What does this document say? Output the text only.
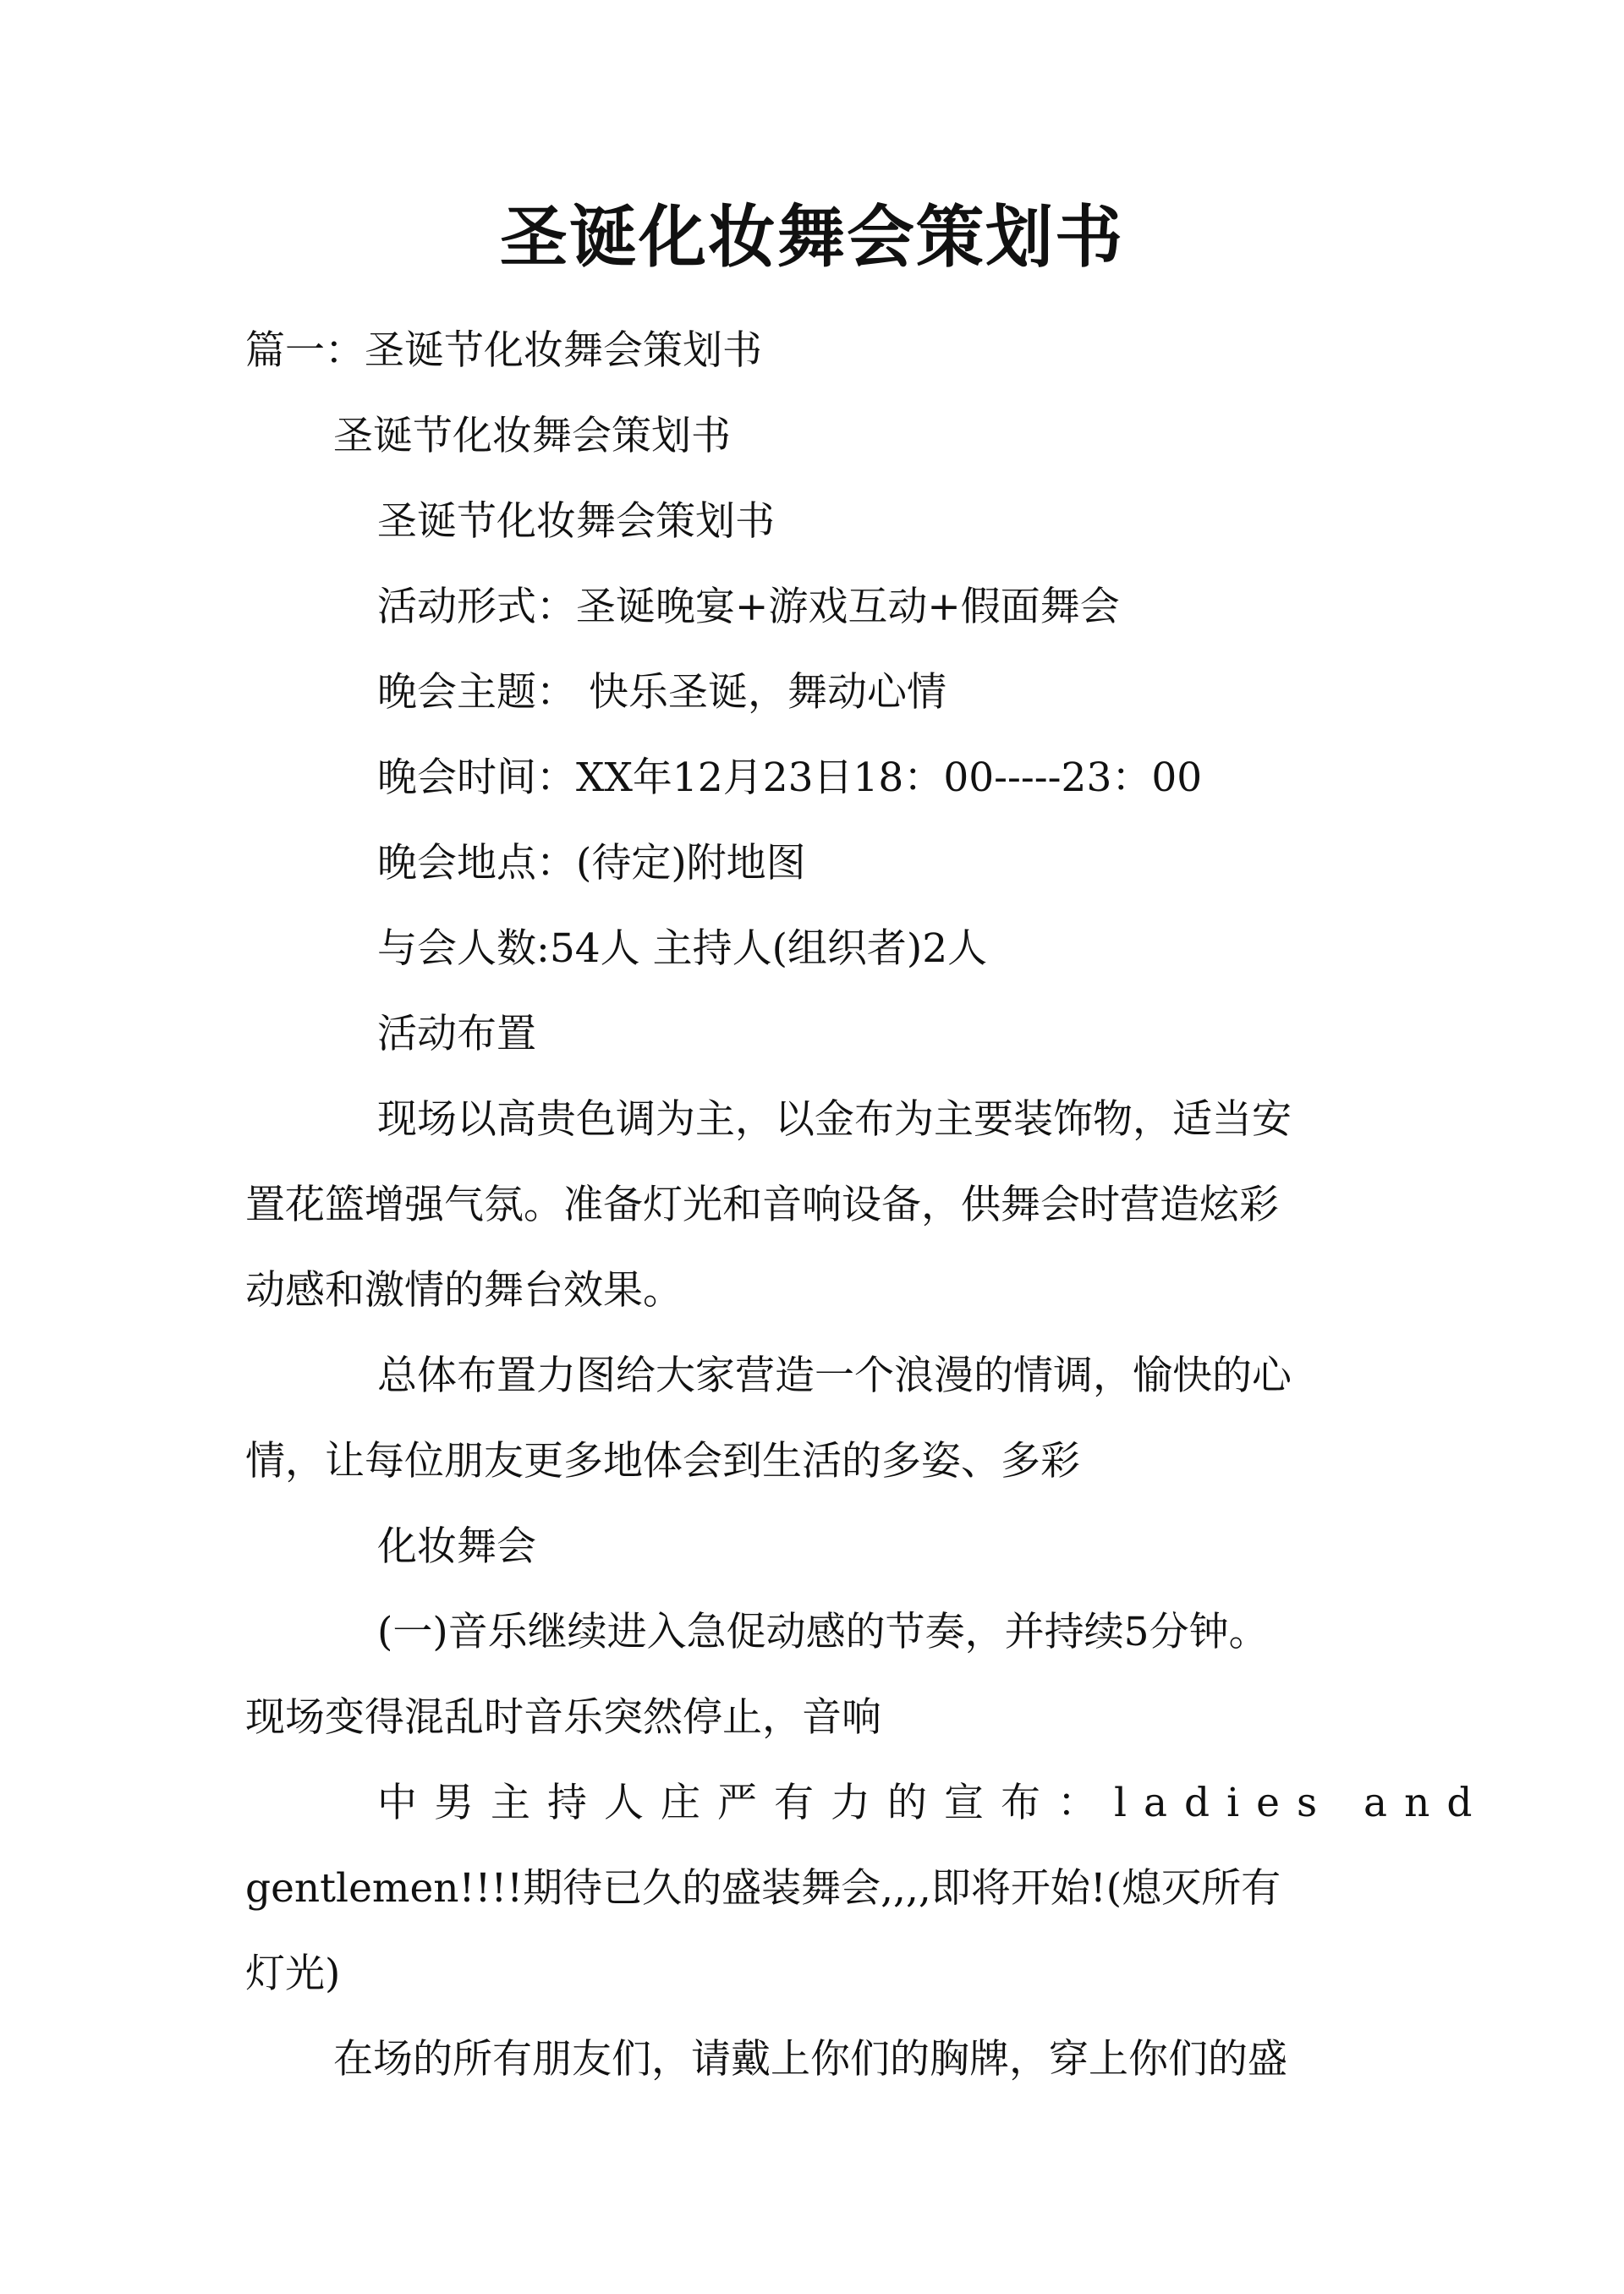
圣诞化妆舞会策划书
篇一：圣诞节化妆舞会策划书
圣诞节化妆舞会策划书
圣诞节化妆舞会策划书
活动形式：圣诞晚宴+游戏互动+假面舞会
晚会主题： 快乐圣诞，舞动心情
晚会时间：XX年12月23日18：00-----23：00
晚会地点：(待定)附地图
与会人数:54人 主持人(组织者)2人
活动布置
现场以高贵色调为主，以金布为主要装饰物，适当安
置花篮增强气氛。准备灯光和音响设备，供舞会时营造炫彩
动感和激情的舞台效果。
总体布置力图给大家营造一个浪漫的情调，愉快的心
情，让每位朋友更多地体会到生活的多姿、多彩
化妆舞会
(一)音乐继续进入急促动感的节奏，并持续5分钟。
现场变得混乱时音乐突然停止，音响
中男主持人庄严有力的宣布：ladies and
gentlemen!!!!期待已久的盛装舞会,,,,即将开始!(熄灭所有
灯光)
在场的所有朋友们，请戴上你们的胸牌，穿上你们的盛
